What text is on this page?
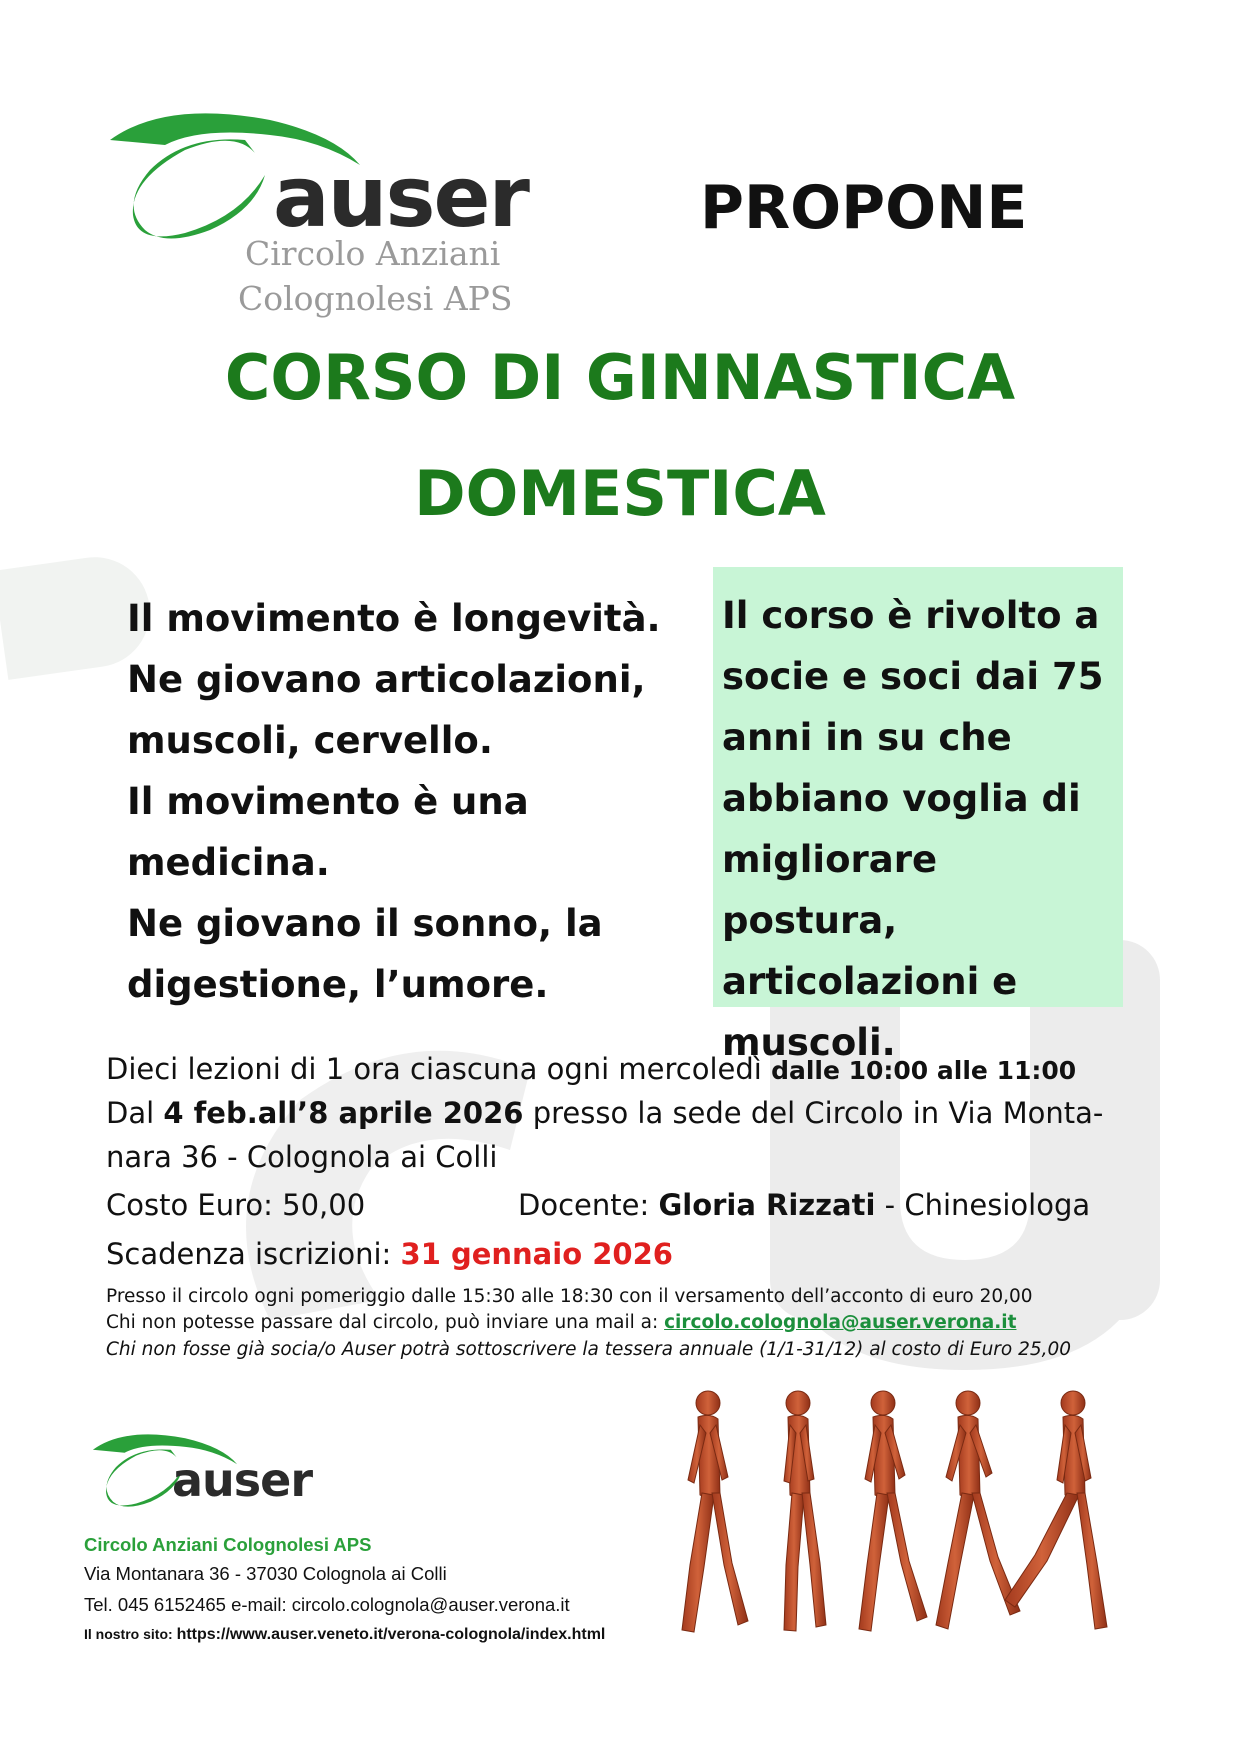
auser
Circolo Anziani
Colognolesi APS
PROPONE
CORSO DI GINNASTICA
DOMESTICA

Il movimento è longevità.

Ne giovano articolazioni, muscoli, cervello.

Il movimento è una medicina.

Ne giovano il sonno, la digestione, l’umore.

Il corso è rivolto a socie e soci dai 75 anni in su che abbiano voglia di migliorare postura, articolazioni e muscoli.

Dieci lezioni di 1 ora ciascuna ogni mercoledì dalle 10:00 alle 11:00
Dal 4 feb.all’8 aprile 2026 presso la sede del Circolo in Via Monta-
nara 36 - Colognola ai Colli
Costo Euro: 50,00	Docente: Gloria Rizzati - Chinesiologa
Scadenza iscrizioni: 31 gennaio 2026
Presso il circolo ogni pomeriggio dalle 15:30 alle 18:30 con il versamento dell’acconto di euro 20,00
Chi non potesse passare dal circolo, può inviare una mail a: circolo.colognola@auser.verona.it
Chi non fosse già socia/o Auser potrà sottoscrivere la tessera annuale (1/1-31/12) al costo di Euro 25,00
auser
Circolo Anziani Colognolesi APS
Via Montanara 36 - 37030 Colognola ai Colli
Tel. 045 6152465 e-mail: circolo.colognola@auser.verona.it
Il nostro sito: https://www.auser.veneto.it/verona-colognola/index.html
